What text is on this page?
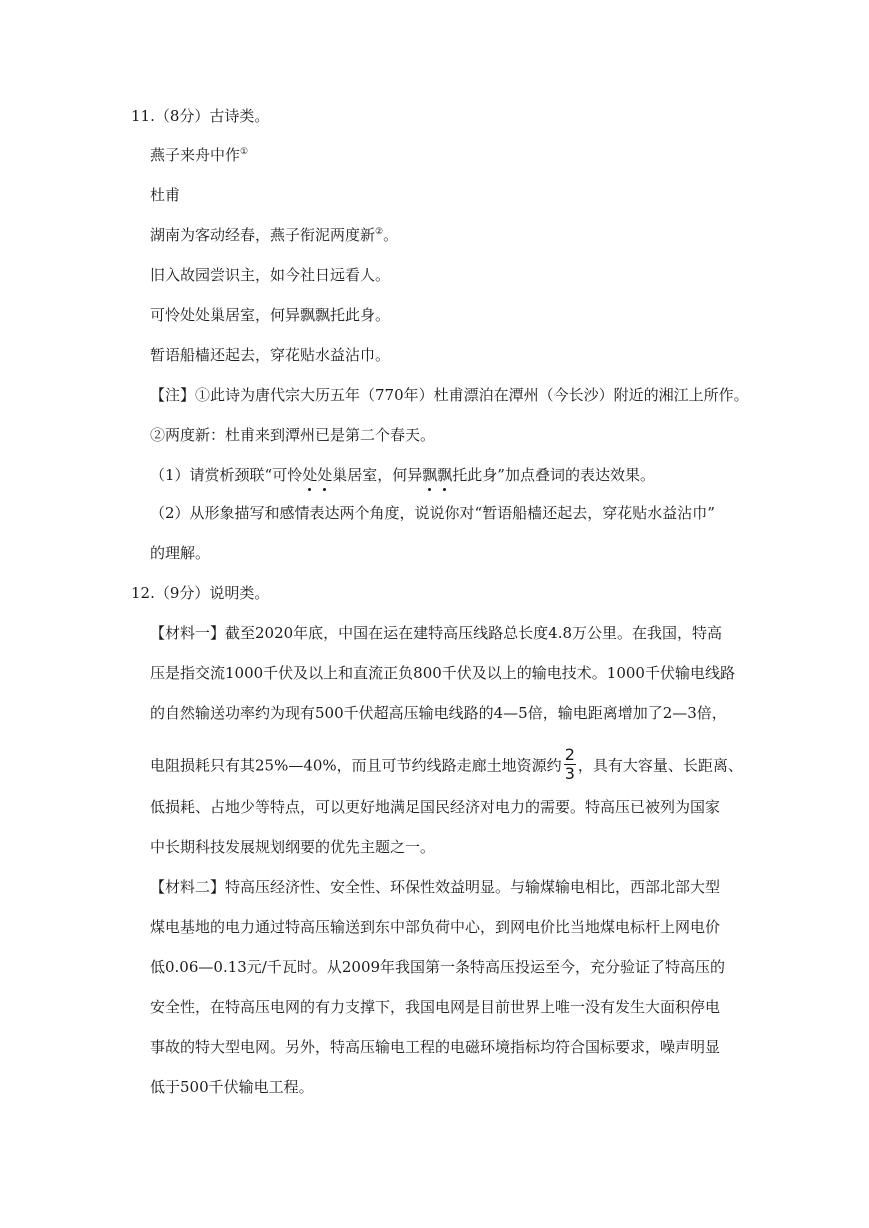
11.（8分）古诗类。
燕子来舟中作①
杜甫
湖南为客动经春，燕子衔泥两度新②。
旧入故园尝识主，如今社日远看人。
可怜处处巢居室，何异飘飘托此身。
暂语船樯还起去，穿花贴水益沾巾。
【注】①此诗为唐代宗大历五年（770年）杜甫漂泊在潭州（今长沙）附近的湘江上所作。
②两度新：杜甫来到潭州已是第二个春天。
（1）请赏析颈联“可怜处处巢居室，何异飘飘托此身”加点叠词的表达效果。
（2）从形象描写和感情表达两个角度，说说你对“暂语船樯还起去，穿花贴水益沾巾”
的理解。
12.（9分）说明类。
【材料一】截至2020年底，中国在运在建特高压线路总长度4.8万公里。在我国，特高
压是指交流1000千伏及以上和直流正负800千伏及以上的输电技术。1000千伏输电线路
的自然输送功率约为现有500千伏超高压输电线路的4—5倍，输电距离增加了2—3倍，
电阻损耗只有其25%—40%，而且可节约线路走廊土地资源约 $\frac{2}{3}$ ，具有大容量、长距离、
低损耗、占地少等特点，可以更好地满足国民经济对电力的需要。特高压已被列为国家
中长期科技发展规划纲要的优先主题之一。
【材料二】特高压经济性、安全性、环保性效益明显。与输煤输电相比，西部北部大型
煤电基地的电力通过特高压输送到东中部负荷中心，到网电价比当地煤电标杆上网电价
低0.06—0.13元/千瓦时。从2009年我国第一条特高压投运至今，充分验证了特高压的
安全性，在特高压电网的有力支撑下，我国电网是目前世界上唯一没有发生大面积停电
事故的特大型电网。另外，特高压输电工程的电磁环境指标均符合国标要求，噪声明显
低于500千伏输电工程。
